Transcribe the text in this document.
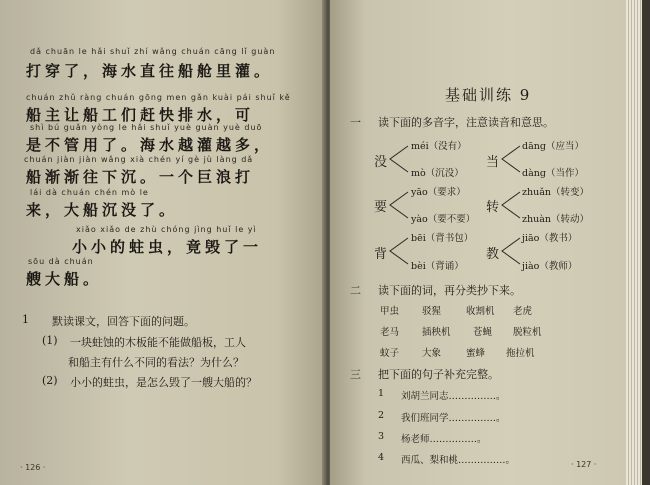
dǎ chuān le hǎi shuǐ zhí wǎng chuán cāng lǐ guàn
打穿了，海水直往船舱里灌。
chuán zhǔ ràng chuán gōng men gǎn kuài pái shuǐ kě
船主让船工们赶快排水，可
shì bú guǎn yòng le hǎi shuǐ yuè guàn yuè duō
是不管用了。海水越灌越多，
chuán jiàn jiàn wǎng xià chén yí gè jù làng dǎ
船渐渐往下沉。一个巨浪打
lái dà chuán chén mò le
来，大船沉没了。
xiǎo xiǎo de zhù chóng jìng huǐ le yì
小小的蛀虫，竟毁了一
sōu dà chuán
艘大船。
1 默读课文，回答下面的问题。
(1) 一块蛀蚀的木板能不能做船板，工人
和船主有什么不同的看法？为什么？
(2) 小小的蛀虫，是怎么毁了一艘大船的？
· 126 ·
基础训练 9
一 读下面的多音字，注意读音和意思。
没
méi（没有）
mò（沉没）
当
dāng（应当）
dàng（当作）
要
yāo（要求）
yào（要不要）
转
zhuǎn（转变）
zhuàn（转动）
背
bēi（背书包）
bèi（背诵）
教
jiāo（教书）
jiào（教师）
二 读下面的词，再分类抄下来。
甲虫 驳猩	收割机 老虎
老马 插秧机 苍蝇 脱粒机
蚊子 大象	蜜蜂 拖拉机
三 把下面的句子补充完整。
1 刘胡兰同志……………。
2 我们班同学……………。
3 杨老师……………。
4 西瓜、梨和桃……………。	· 127 ·
